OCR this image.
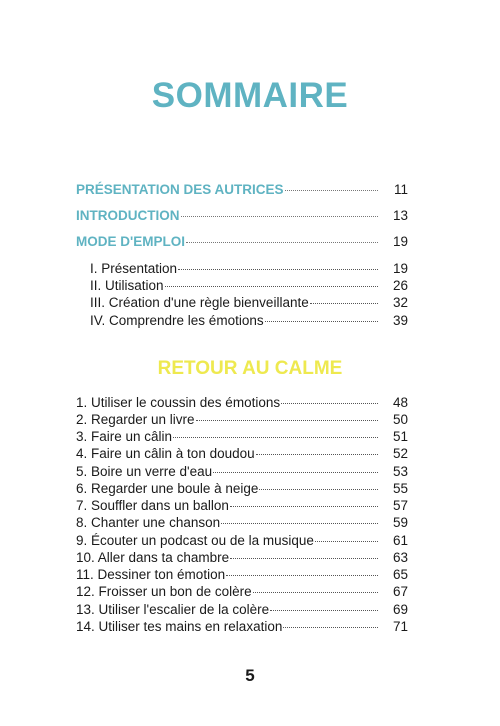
SOMMAIRE
PRÉSENTATION DES AUTRICES	11
INTRODUCTION	13
MODE D'EMPLOI	19
I. Présentation	19
II. Utilisation	26
III. Création d'une règle bienveillante	32
IV. Comprendre les émotions	39
RETOUR AU CALME
1. Utiliser le coussin des émotions	48
2. Regarder un livre	50
3. Faire un câlin	51
4. Faire un câlin à ton doudou	52
5. Boire un verre d'eau	53
6. Regarder une boule à neige	55
7. Souffler dans un ballon	57
8. Chanter une chanson	59
9. Écouter un podcast ou de la musique	61
10. Aller dans ta chambre	63
11. Dessiner ton émotion	65
12. Froisser un bon de colère	67
13. Utiliser l'escalier de la colère	69
14. Utiliser tes mains en relaxation	71
5
